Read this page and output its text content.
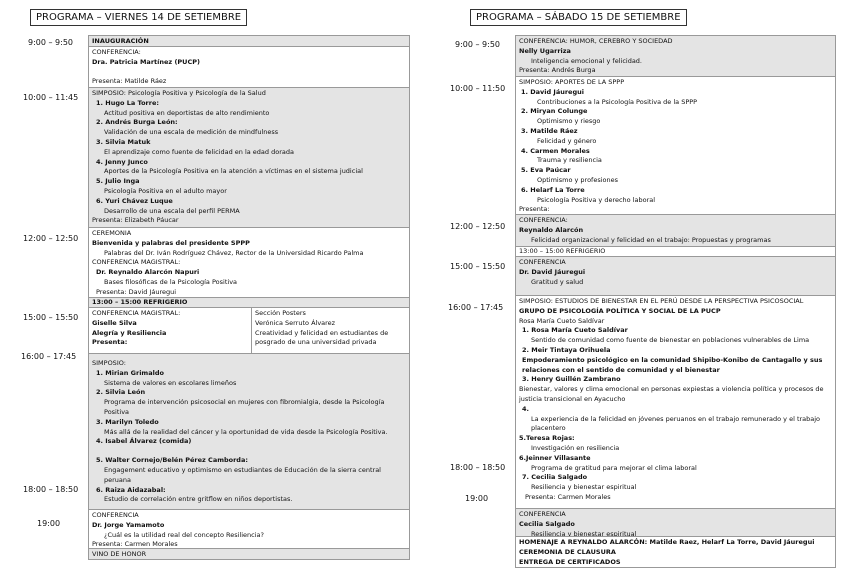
PROGRAMA – VIERNES 14 DE SETIEMBRE
9:00 – 9:50
10:00 – 11:45
12:00 – 12:50
15:00 – 15:50
16:00 – 17:45
18:00 – 18:50
19:00
INAUGURACIÓN
CONFERENCIA:
Dra. Patricia Martínez (PUCP)
Presenta: Matilde Ráez
SIMPOSIO: Psicología Positiva y Psicología de la Salud
1. Hugo La Torre:
Actitud positiva en deportistas de alto rendimiento
2. Andrés Burga León:
Validación de una escala de medición de mindfulness
3. Silvia Matuk
El aprendizaje como fuente de felicidad en la edad dorada
4. Jenny Junco
Aportes de la Psicología Positiva en la atención a víctimas en el sistema judicial
5. Julio Inga
Psicología Positiva en el adulto mayor
6. Yuri Chávez Luque
Desarrollo de una escala del perfil PERMA
Presenta: Elizabeth Páucar
CEREMONIA
Bienvenida y palabras del presidente SPPP
Palabras del Dr. Iván Rodríguez Chávez, Rector de la Universidad Ricardo Palma
CONFERENCIA MAGISTRAL:
Dr. Reynaldo Alarcón Napuri
Bases filosóficas de la Psicología Positiva
Presenta: David Jáuregui
13:00 – 15:00 REFRIGERIO
CONFERENCIA MAGISTRAL:
Giselle Silva
Alegría y Resiliencia
Presenta:
Sección Posters
Verónica Serruto Álvarez
Creatividad y felicidad en estudiantes de posgrado de una universidad privada
SIMPOSIO:
1. Mirian Grimaldo
Sistema de valores en escolares limeños
2. Silvia León
Programa de intervención psicosocial en mujeres con fibromialgia, desde la Psicología Positiva
3. Marilyn Toledo
Más allá de la realidad del cáncer y la oportunidad de vida desde la Psicología Positiva.
4. Isabel Álvarez (comida)
5. Walter Cornejo/Belén Pérez Camborda:
Engagement educativo y optimismo en estudiantes de Educación de la sierra central peruana
6. Raiza Aidazabal:
Estudio de correlación entre gritflow en niños deportistas.
CONFERENCIA
Dr. Jorge Yamamoto
¿Cuál es la utilidad real del concepto Resiliencia?
Presenta: Carmen Morales
VINO DE HONOR
PROGRAMA – SÁBADO 15 DE SETIEMBRE
9:00 – 9:50
10:00 – 11:50
12:00 – 12:50
15:00 – 15:50
16:00 – 17:45
18:00 – 18:50
19:00
CONFERENCIA: HUMOR, CEREBRO Y SOCIEDAD
Nelly Ugarriza
Inteligencia emocional y felicidad.
Presenta: Andrés Burga
SIMPOSIO: APORTES DE LA SPPP
1. David Jáuregui
Contribuciones a la Psicología Positiva de la SPPP
2. Miryan Colunge
Optimismo y riesgo
3. Matilde Ráez
Felicidad y género
4. Carmen Morales
Trauma y resiliencia
5. Eva Paúcar
Optimismo y profesiones
6. Helarf La Torre
Psicología Positiva y derecho laboral
Presenta:
CONFERENCIA:
Reynaldo Alarcón
Felicidad organizacional y felicidad en el trabajo: Propuestas y programas
13:00 – 15:00 REFRIGERIO
CONFERENCIA
Dr. David Jáuregui
Gratitud y salud
SIMPOSIO: ESTUDIOS DE BIENESTAR EN EL PERÚ DESDE LA PERSPECTIVA PSICOSOCIAL
GRUPO DE PSICOLOGÍA POLÍTICA Y SOCIAL DE LA PUCP
Rosa María Cueto Saldívar
1. Rosa María Cueto Saldívar
Sentido de comunidad como fuente de bienestar en poblaciones vulnerables de Lima
2. Meir Tintaya Orihuela
Empoderamiento psicológico en la comunidad Shipibo-Konibo de Cantagallo y sus relaciones con el sentido de comunidad y el bienestar
3. Henry Guillén Zambrano
Bienestar, valores y clima emocional en personas expiestas a violencia política y procesos de justicia transicional en Ayacucho
4.
La experiencia de la felicidad en jóvenes peruanos en el trabajo remunerado y el trabajo placentero
5.Teresa Rojas:
Investigación en resiliencia
6.Jeinner Villasante
Programa de gratitud para mejorar el clima laboral
7. Cecilia Salgado
Resiliencia y bienestar espiritual
Presenta: Carmen Morales
CONFERENCIA
Cecilia Salgado
Resiliencia y bienestar espiritual
HOMENAJE A REYNALDO ALARCÓN: Matilde Raez, Helarf La Torre, David Jáuregui
CEREMONIA DE CLAUSURA
ENTREGA DE CERTIFICADOS
